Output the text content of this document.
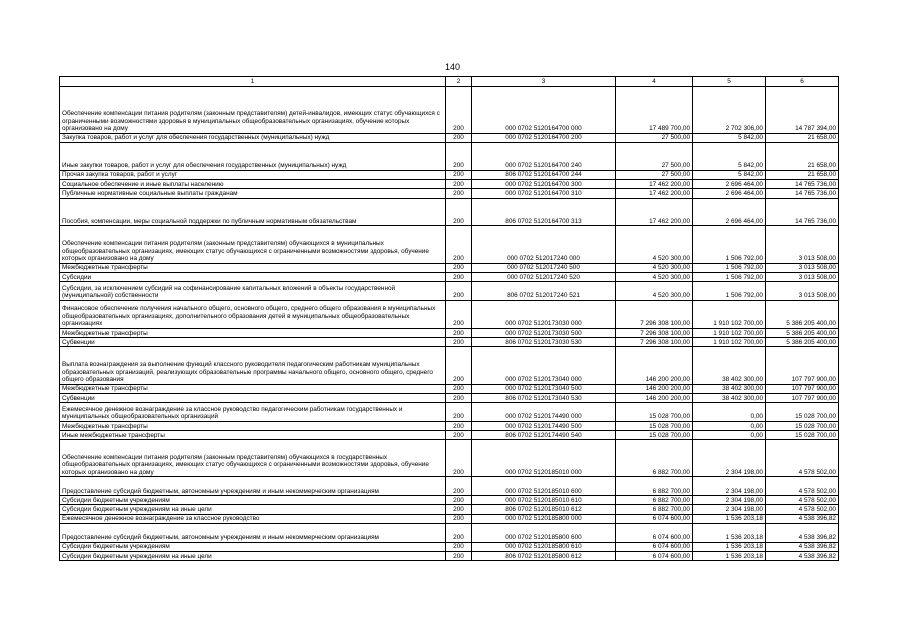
140
1	2	3	4	5	6
Обеспечение компенсации питания родителям (законным представителям) детей-инвалидов, имеющих статус обучающихся с ограниченными возможностями здоровья в муниципальных общеобразовательных организациях, обучение которых организовано на дому	200	000 0702 5120164700 000	17 489 700,00	2 702 306,00	14 787 394,00
Закупка товаров, работ и услуг для обеспечения государственных (муниципальных) нужд	200	000 0702 5120164700 200	27 500,00	5 842,00	21 658,00
Иные закупки товаров, работ и услуг для обеспечения государственных (муниципальных) нужд	200	000 0702 5120164700 240	27 500,00	5 842,00	21 658,00
Прочая закупка товаров, работ и услуг	200	806 0702 5120164700 244	27 500,00	5 842,00	21 658,00
Социальное обеспечение и иные выплаты населению	200	000 0702 5120164700 300	17 462 200,00	2 696 464,00	14 765 736,00
Публичные нормативные социальные выплаты гражданам	200	000 0702 5120164700 310	17 462 200,00	2 696 464,00	14 765 736,00
Пособия, компенсации, меры социальной поддержки по публичным нормативным обязательствам	200	806 0702 5120164700 313	17 462 200,00	2 696 464,00	14 765 736,00
Обеспечение компенсации питания родителям (законным представителям) обучающихся в муниципальных общеобразовательных организациях, имеющих статус обучающихся с ограниченными возможностями здоровья, обучение которых организовано на дому	200	000 0702 512017240 000	4 520 300,00	1 506 792,00	3 013 508,00
Межбюджетные трансферты	200	000 0702 512017240 500	4 520 300,00	1 506 792,00	3 013 508,00
Субсидии	200	000 0702 512017240 520	4 520 300,00	1 506 792,00	3 013 508,00
Субсидии, за исключением субсидий на софинансирование капитальных вложений в объекты государственной (муниципальной) собственности	200	806 0702 512017240 521	4 520 300,00	1 506 792,00	3 013 508,00
Финансовое обеспечение получения начального общего, основного общего, среднего общего образования в муниципальных общеобразовательных организациях, дополнительного образования детей в муниципальных общеобразовательных организациях	200	000 0702 5120173030 000	7 296 308 100,00	1 910 102 700,00	5 386 205 400,00
Межбюджетные трансферты	200	000 0702 5120173030 500	7 296 308 100,00	1 910 102 700,00	5 386 205 400,00
Субвенции	200	806 0702 5120173030 530	7 296 308 100,00	1 910 102 700,00	5 386 205 400,00
Выплата вознаграждения за выполнение функций классного руководителя педагогическим работникам муниципальных образовательных организаций, реализующих образовательные программы начального общего, основного общего, среднего общего образования	200	000 0702 5120173040 000	146 200 200,00	38 402 300,00	107 797 900,00
Межбюджетные трансферты	200	000 0702 5120173040 500	146 200 200,00	38 402 300,00	107 797 900,00
Субвенции	200	806 0702 5120173040 530	146 200 200,00	38 402 300,00	107 797 900,00
Ежемесячное денежное вознаграждение за классное руководство педагогическим работникам государственных и муниципальных общеобразовательных организаций	200	000 0702 5120174490 000	15 028 700,00	0,00	15 028 700,00
Межбюджетные трансферты	200	000 0702 5120174490 500	15 028 700,00	0,00	15 028 700,00
Иные межбюджетные трансферты	200	806 0702 5120174490 540	15 028 700,00	0,00	15 028 700,00
Обеспечение компенсации питания родителям (законным представителям) обучающихся в государственных общеобразовательных организациях, имеющих статус обучающихся с ограниченными возможностями здоровья, обучение которых организовано на дому	200	000 0702 5120185010 000	6 882 700,00	2 304 198,00	4 578 502,00
Предоставление субсидий бюджетным, автономным учреждениям и иным некоммерческим организациям	200	000 0702 5120185010 600	6 882 700,00	2 304 198,00	4 578 502,00
Субсидии бюджетным учреждениям	200	000 0702 5120185010 610	6 882 700,00	2 304 198,00	4 578 502,00
Субсидии бюджетным учреждениям на иные цели	200	806 0702 5120185010 612	6 882 700,00	2 304 198,00	4 578 502,00
Ежемесячное денежное вознаграждение за классное руководство	200	000 0702 5120185800 000	6 074 600,00	1 536 203,18	4 538 396,82
Предоставление субсидий бюджетным, автономным учреждениям и иным некоммерческим организациям	200	000 0702 5120185800 600	6 074 600,00	1 536 203,18	4 538 396,82
Субсидии бюджетным учреждениям	200	000 0702 5120185800 610	6 074 600,00	1 536 203,18	4 538 396,82
Субсидии бюджетным учреждениям на иные цели	200	806 0702 5120185800 612	6 074 600,00	1 536 203,18	4 538 396,82
